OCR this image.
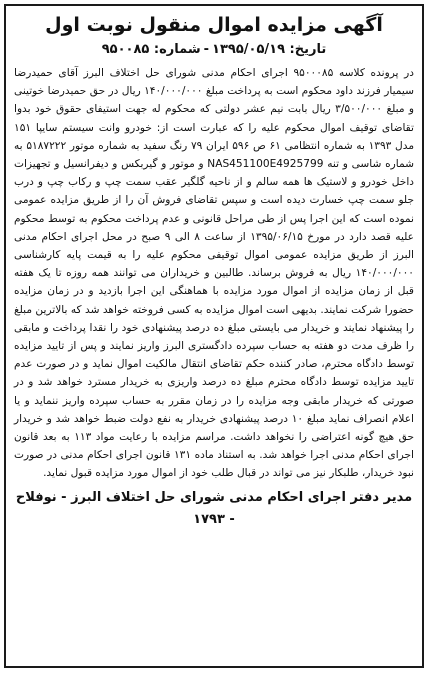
آگهی مزایده اموال منقول نوبت اول
تاریخ: ۱۳۹۵/۰۵/۱۹-شماره: ۹۵۰۰۸۵

در پرونده کلاسه ۹۵۰۰۰۸۵ اجرای احکام مدنی شورای حل اختلاف البرز آقای حمیدرضا سیمیار فرزند داود محکوم است به پرداخت مبلغ ۱۴۰/۰۰۰/۰۰۰ ریال در حق حمیدرضا خوتینی و مبلغ ۳/۵۰۰/۰۰۰ ریال بابت نیم عشر دولتی که محکوم له جهت استیفای حقوق خود بدوا تقاضای توقیف اموال محکوم علیه را که عبارت است از: خودرو وانت سیستم سایپا ۱۵۱ مدل ۱۳۹۳ به شماره انتظامی ۶۱ ص ۵۹۶ ایران ۷۹ رنگ سفید به شماره موتور ۵۱۸۷۲۲۲ به شماره شاسی و تنه NAS451100E4925799 و موتور و گیربکس و دیفرانسیل و تجهیزات داخل خودرو و لاستیک ها همه سالم و از ناحیه گلگیر عقب سمت چپ و رکاب چپ و درب جلو سمت چپ خسارت دیده است و سپس تقاضای فروش آن را از طریق مزایده عمومی نموده است که این اجرا پس از طی مراحل قانونی و عدم پرداخت محکوم به توسط محکوم علیه قصد دارد در مورخ ۱۳۹۵/۰۶/۱۵ از ساعت ۸ الی ۹ صبح در محل اجرای احکام مدنی البرز از طریق مزایده عمومی اموال توقیفی محکوم علیه را به قیمت پایه کارشناسی ۱۴۰/۰۰۰/۰۰۰ ریال به فروش برساند. طالبین و خریداران می توانند همه روزه تا یک هفته قبل از زمان مزایده از اموال مورد مزایده با هماهنگی این اجرا بازدید و در زمان مزایده حضورا شرکت نمایند. بدیهی است اموال مزایده به کسی فروخته خواهد شد که بالاترین مبلغ را پیشنهاد نمایند و خریدار می بایستی مبلغ ده درصد پیشنهادی خود را نقدا پرداخت و مابقی را ظرف مدت دو هفته به حساب سپرده دادگستری البرز واریز نمایند و پس از تایید مزایده توسط دادگاه محترم، صادر کننده حکم تقاضای انتقال مالکیت اموال نماید و در صورت عدم تایید مزایده توسط دادگاه محترم مبلغ ده درصد واریزی به خریدار مسترد خواهد شد و در صورتی که خریدار مابقی وجه مزایده را در زمان مقرر به حساب سپرده واریز ننماید و یا اعلام انصراف نماید مبلغ ۱۰ درصد پیشنهادی خریدار به نفع دولت ضبط خواهد شد و خریدار حق هیچ گونه اعتراضی را نخواهد داشت. مراسم مزایده با رعایت مواد ۱۱۳ به بعد قانون اجرای احکام مدنی اجرا خواهد شد. به استناد ماده ۱۳۱ قانون اجرای احکام مدنی در صورت نبود خریدار، طلبکار نیز می تواند در قبال طلب خود از اموال مورد مزایده قبول نماید.

مدیر دفتر اجرای احکام مدنی شورای حل اختلاف البرز - نوفلاح - ۱۷۹۳
